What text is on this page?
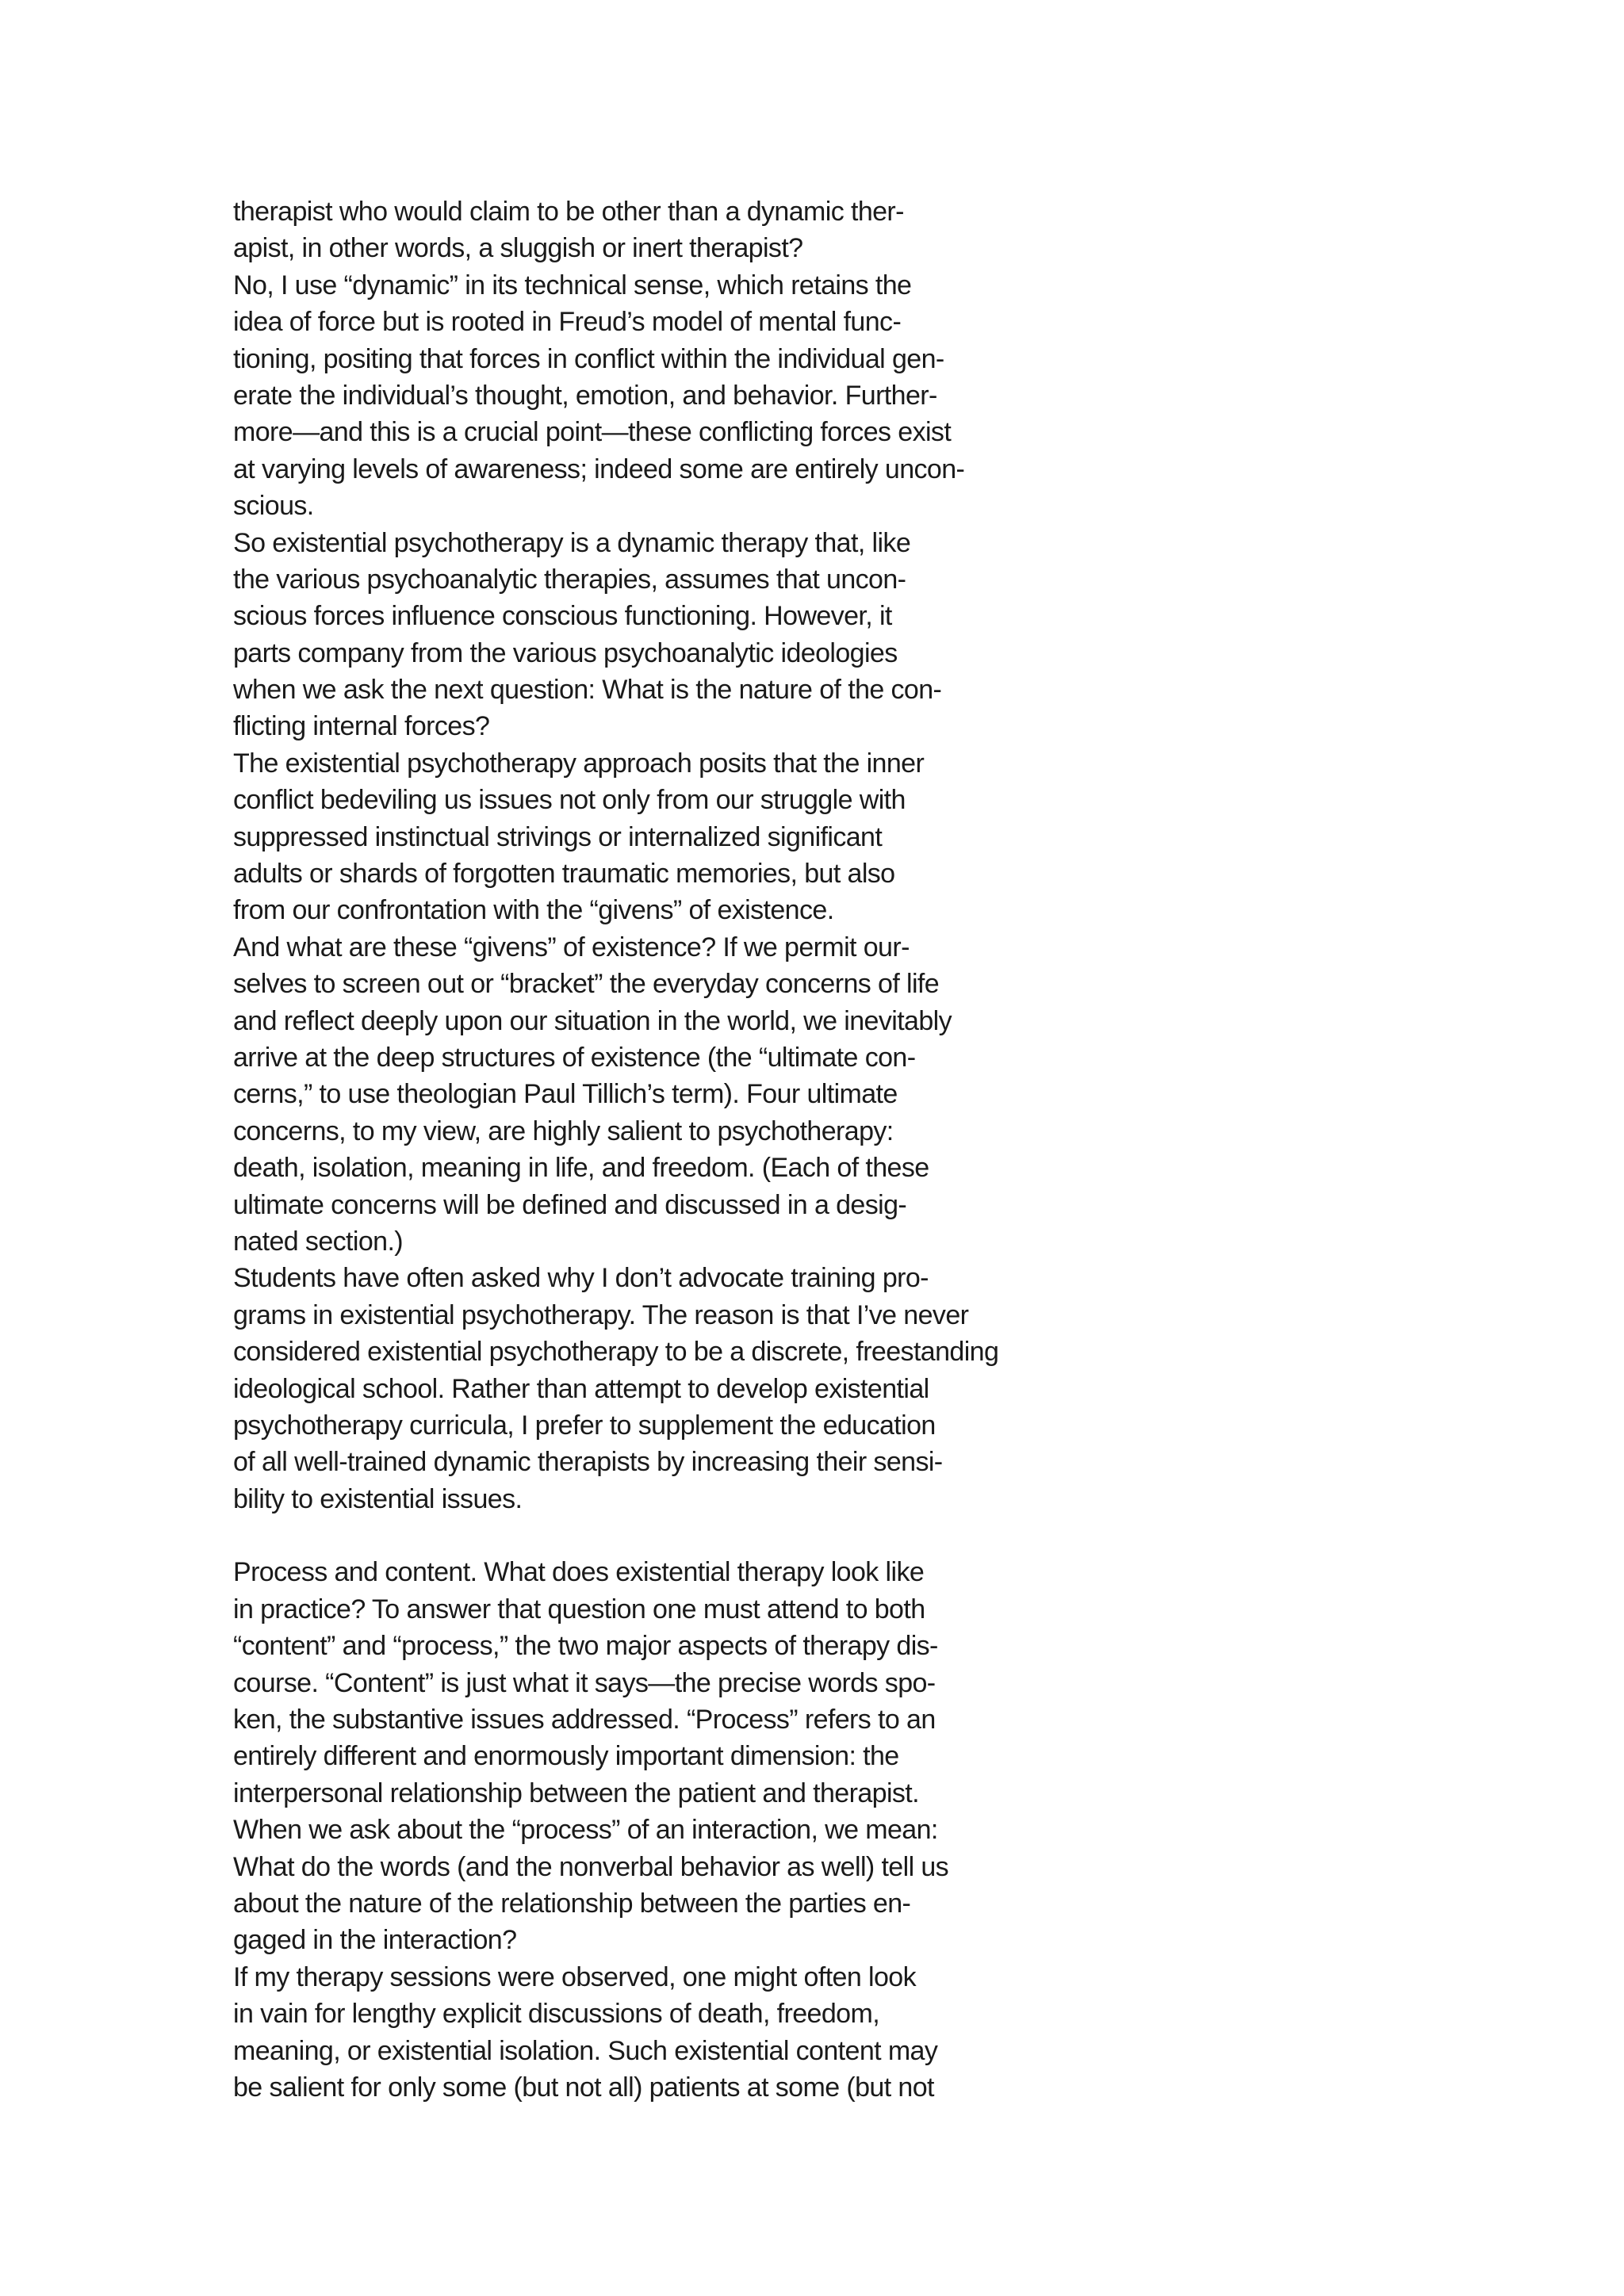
therapist who would claim to be other than a dynamic ther-
apist, in other words, a sluggish or inert therapist?
No, I use “dynamic” in its technical sense, which retains the
idea of force but is rooted in Freud’s model of mental func-
tioning, positing that forces in conflict within the individual gen-
erate the individual’s thought, emotion, and behavior. Further-
more—and this is a crucial point—these conflicting forces exist
at varying levels of awareness; indeed some are entirely uncon-
scious.
So existential psychotherapy is a dynamic therapy that, like
the various psychoanalytic therapies, assumes that uncon-
scious forces influence conscious functioning. However, it
parts company from the various psychoanalytic ideologies
when we ask the next question: What is the nature of the con-
flicting internal forces?
The existential psychotherapy approach posits that the inner
conflict bedeviling us issues not only from our struggle with
suppressed instinctual strivings or internalized significant
adults or shards of forgotten traumatic memories, but also
from our confrontation with the “givens” of existence.
And what are these “givens” of existence? If we permit our-
selves to screen out or “bracket” the everyday concerns of life
and reflect deeply upon our situation in the world, we inevitably
arrive at the deep structures of existence (the “ultimate con-
cerns,” to use theologian Paul Tillich’s term). Four ultimate
concerns, to my view, are highly salient to psychotherapy:
death, isolation, meaning in life, and freedom. (Each of these
ultimate concerns will be defined and discussed in a desig-
nated section.)
Students have often asked why I don’t advocate training pro-
grams in existential psychotherapy. The reason is that I’ve never
considered existential psychotherapy to be a discrete, freestanding
ideological school. Rather than attempt to develop existential
psychotherapy curricula, I prefer to supplement the education
of all well-trained dynamic therapists by increasing their sensi-
bility to existential issues.
Process and content. What does existential therapy look like
in practice? To answer that question one must attend to both
“content” and “process,” the two major aspects of therapy dis-
course. “Content” is just what it says—the precise words spo-
ken, the substantive issues addressed. “Process” refers to an
entirely different and enormously important dimension: the
interpersonal relationship between the patient and therapist.
When we ask about the “process” of an interaction, we mean:
What do the words (and the nonverbal behavior as well) tell us
about the nature of the relationship between the parties en-
gaged in the interaction?
If my therapy sessions were observed, one might often look
in vain for lengthy explicit discussions of death, freedom,
meaning, or existential isolation. Such existential content may
be salient for only some (but not all) patients at some (but not
